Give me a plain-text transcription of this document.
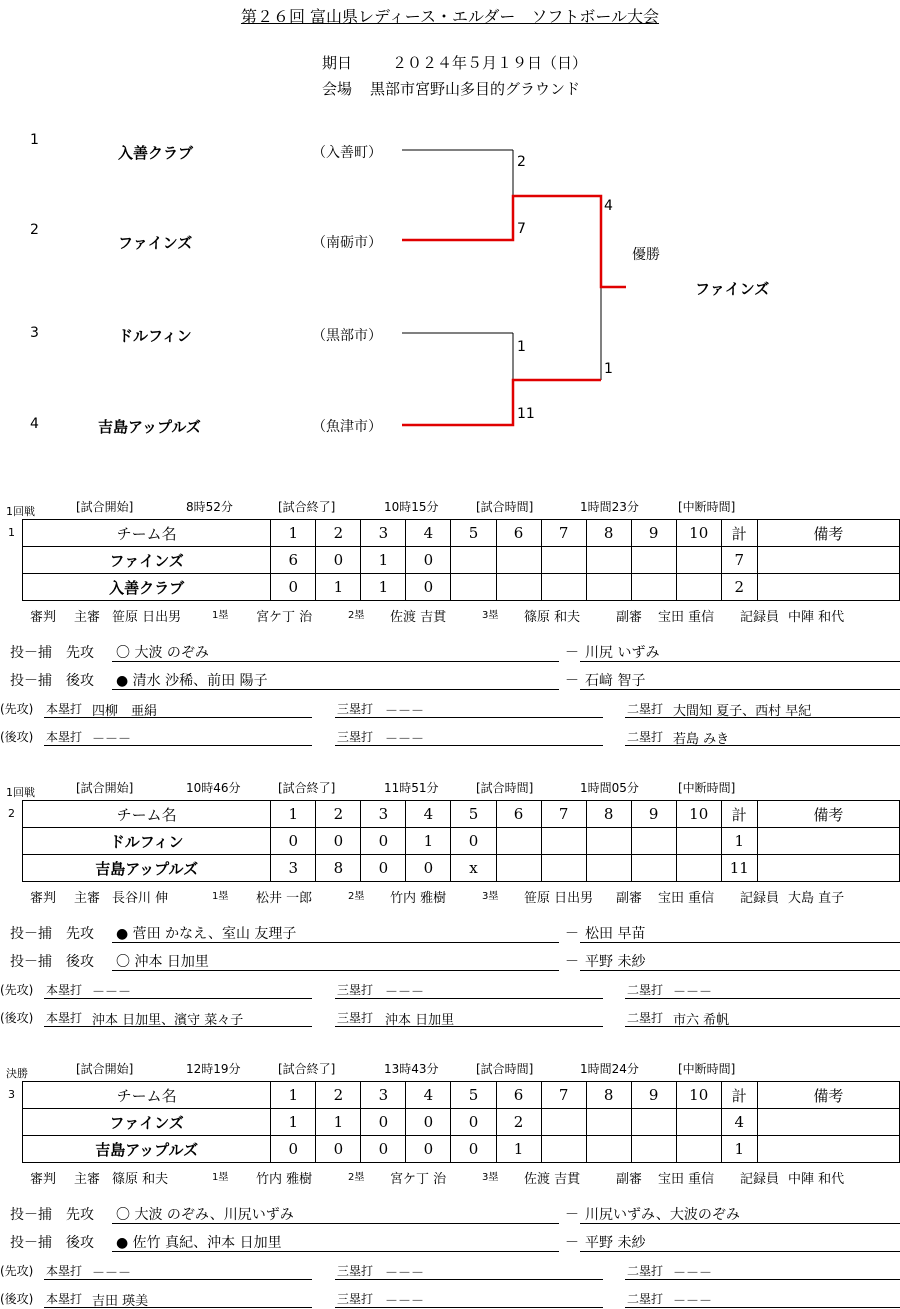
第２６回 富山県レディース・エルダー　ソフトボール大会
期日	２０２４年５月１９日（日）
会場 黒部市宮野山多目的グラウンド
1
2
3
4
入善クラブ
ファインズ
ドルフィン
吉島アップルズ
（入善町）
（南砺市）
（黒部市）
（魚津市）
2
7
1
11
4
1
優勝
ファインズ
1回戦
1
[試合開始]	8時52分	[試合終了]	10時15分	[試合時間]	1時間23分	[中断時間]
チーム名	1	2	3	4	5	6	7	8	9	10	計	備考
ファインズ	6	0	1	0							7	
入善クラブ	0	1	1	0							2	
審判 主審 笹原 日出男	1塁 宮ケ丁 治	2塁 佐渡 吉貫	3塁 篠原 和夫	副審 宝田 重信 記録員 中陣 和代
投－捕　先攻 〇 大波 のぞみ	－ 川尻 いずみ
投－捕　後攻 ● 清水 沙稀、前田 陽子	－ 石﨑 智子
(先攻) 本塁打 四柳　亜絹	三塁打 －－－	二塁打 大間知 夏子、西村 早紀
(後攻) 本塁打 －－－	三塁打 －－－	二塁打 若島 みき
1回戦
2
[試合開始]	10時46分	[試合終了]	11時51分	[試合時間]	1時間05分	[中断時間]
チーム名	1	2	3	4	5	6	7	8	9	10	計	備考
ドルフィン	0	0	0	1	0						1	
吉島アップルズ	3	8	0	0	x						11	
審判 主審 長谷川 伸	1塁 松井 一郎	2塁 竹内 雅樹	3塁 笹原 日出男 副審 宝田 重信 記録員 大島 直子
投－捕　先攻 ● 菅田 かなえ、室山 友理子	－ 松田 早苗
投－捕　後攻 〇 沖本 日加里	－ 平野 未紗
(先攻) 本塁打 －－－	三塁打 －－－	二塁打 －－－
(後攻) 本塁打 沖本 日加里、濱守 菜々子	三塁打 沖本 日加里	二塁打 市六 希帆
決勝
3
[試合開始]	12時19分	[試合終了]	13時43分	[試合時間]	1時間24分	[中断時間]
チーム名	1	2	3	4	5	6	7	8	9	10	計	備考
ファインズ	1	1	0	0	0	2					4	
吉島アップルズ	0	0	0	0	0	1					1	
審判 主審 篠原 和夫	1塁 竹内 雅樹	2塁 宮ケ丁 治	3塁 佐渡 吉貫	副審 宝田 重信 記録員 中陣 和代
投－捕　先攻 〇 大波 のぞみ、川尻いずみ	－ 川尻いずみ、大波のぞみ
投－捕　後攻 ● 佐竹 真紀、沖本 日加里	－ 平野 未紗
(先攻) 本塁打 －－－	三塁打 －－－	二塁打 －－－
(後攻) 本塁打 吉田 瑛美	三塁打 －－－	二塁打 －－－
